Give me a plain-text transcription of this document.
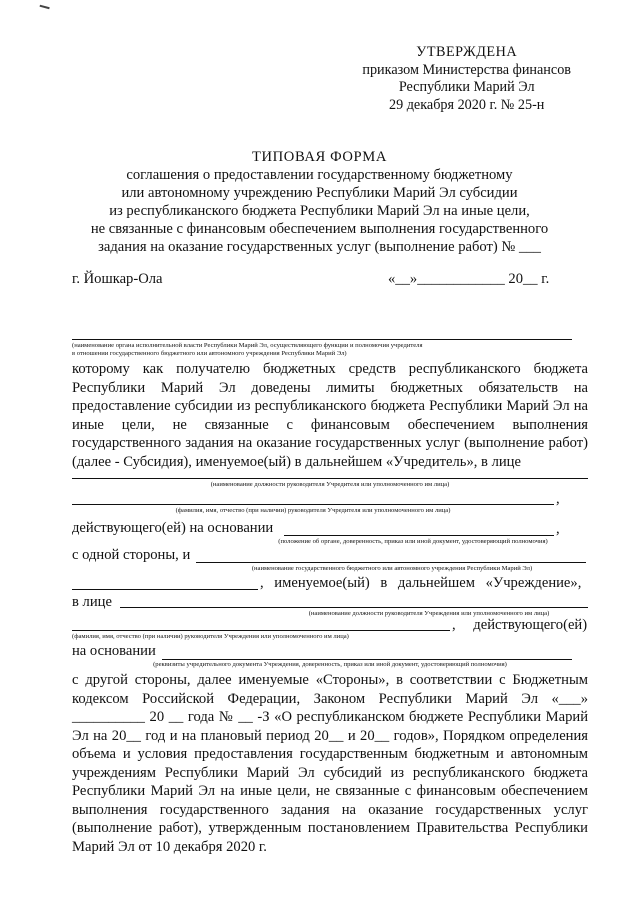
УТВЕРЖДЕНА
приказом Министерства финансов
Республики Марий Эл
29 декабря 2020 г. № 25-н
ТИПОВАЯ ФОРМА
соглашения о предоставлении государственному бюджетному
или автономному учреждению Республики Марий Эл субсидии
из республиканского бюджета Республики Марий Эл на иные цели,
не связанные с финансовым обеспечением выполнения государственного
задания на оказание государственных услуг (выполнение работ) № ___
г. Йошкар-Ола	«__»____________ 20__ г.
(наименование органа исполнительной власти Республики Марий Эл, осуществляющего функции и полномочия учредителя
в отношении государственного бюджетного или автономного учреждения Республики Марий Эл)
которому как получателю бюджетных средств республиканского бюджета Республики Марий Эл доведены лимиты бюджетных обязательств на предоставление субсидии из республиканского бюджета Республики Марий Эл на иные цели, не связанные с финансовым обеспечением выполнения государственного задания на оказание государственных услуг (выполнение работ) (далее - Субсидия), именуемое(ый) в дальнейшем «Учредитель», в лице
(наименование должности руководителя Учредителя или уполномоченного им лица)
,
(фамилия, имя, отчество (при наличии) руководителя Учредителя или уполномоченного им лица)
действующего(ей) на основании	,
(положение об органе, доверенность, приказ или иной документ, удостоверяющий полномочия)
с одной стороны, и
(наименование государственного бюджетного или автономного учреждения Республики Марий Эл)
, именуемое(ый) в дальнейшем «Учреждение»,
в лице
(наименование должности руководителя Учреждения или уполномоченного им лица)
, действующего(ей)
(фамилия, имя, отчество (при наличии) руководителя Учреждения или уполномоченного им лица)
на основании
(реквизиты учредительного документа Учреждения, доверенность, приказ или иной документ, удостоверяющий полномочия)
с другой стороны, далее именуемые «Стороны», в соответствии с Бюджетным кодексом Российской Федерации, Законом Республики Марий Эл «___» __________ 20 __ года № __ -З «О республиканском бюджете Республики Марий Эл на 20__ год и на плановый период 20__ и 20__ годов», Порядком определения объема и условия предоставления государственным бюджетным и автономным учреждениям Республики Марий Эл субсидий из республиканского бюджета Республики Марий Эл на иные цели, не связанные с финансовым обеспечением выполнения государственного задания на оказание государственных услуг (выполнение работ), утвержденным постановлением Правительства Республики Марий Эл от 10 декабря 2020 г.
